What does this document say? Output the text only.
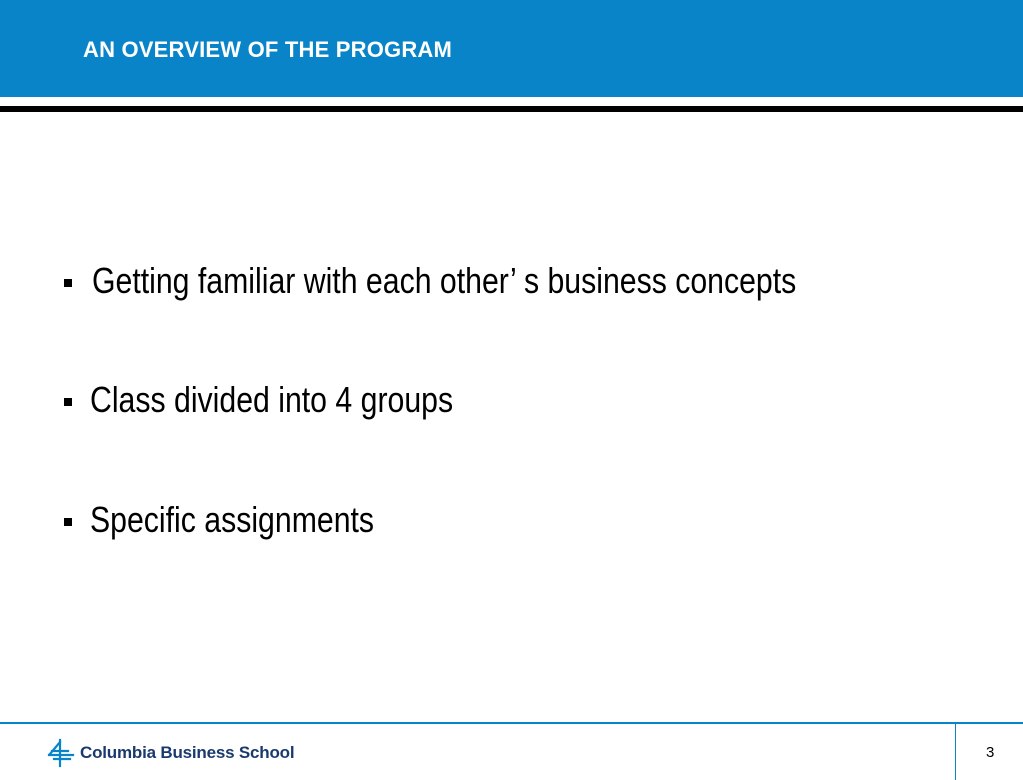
AN OVERVIEW OF THE PROGRAM
Getting familiar with each other’ s business concepts
Class divided into 4 groups
Specific assignments
Columbia Business School	3
